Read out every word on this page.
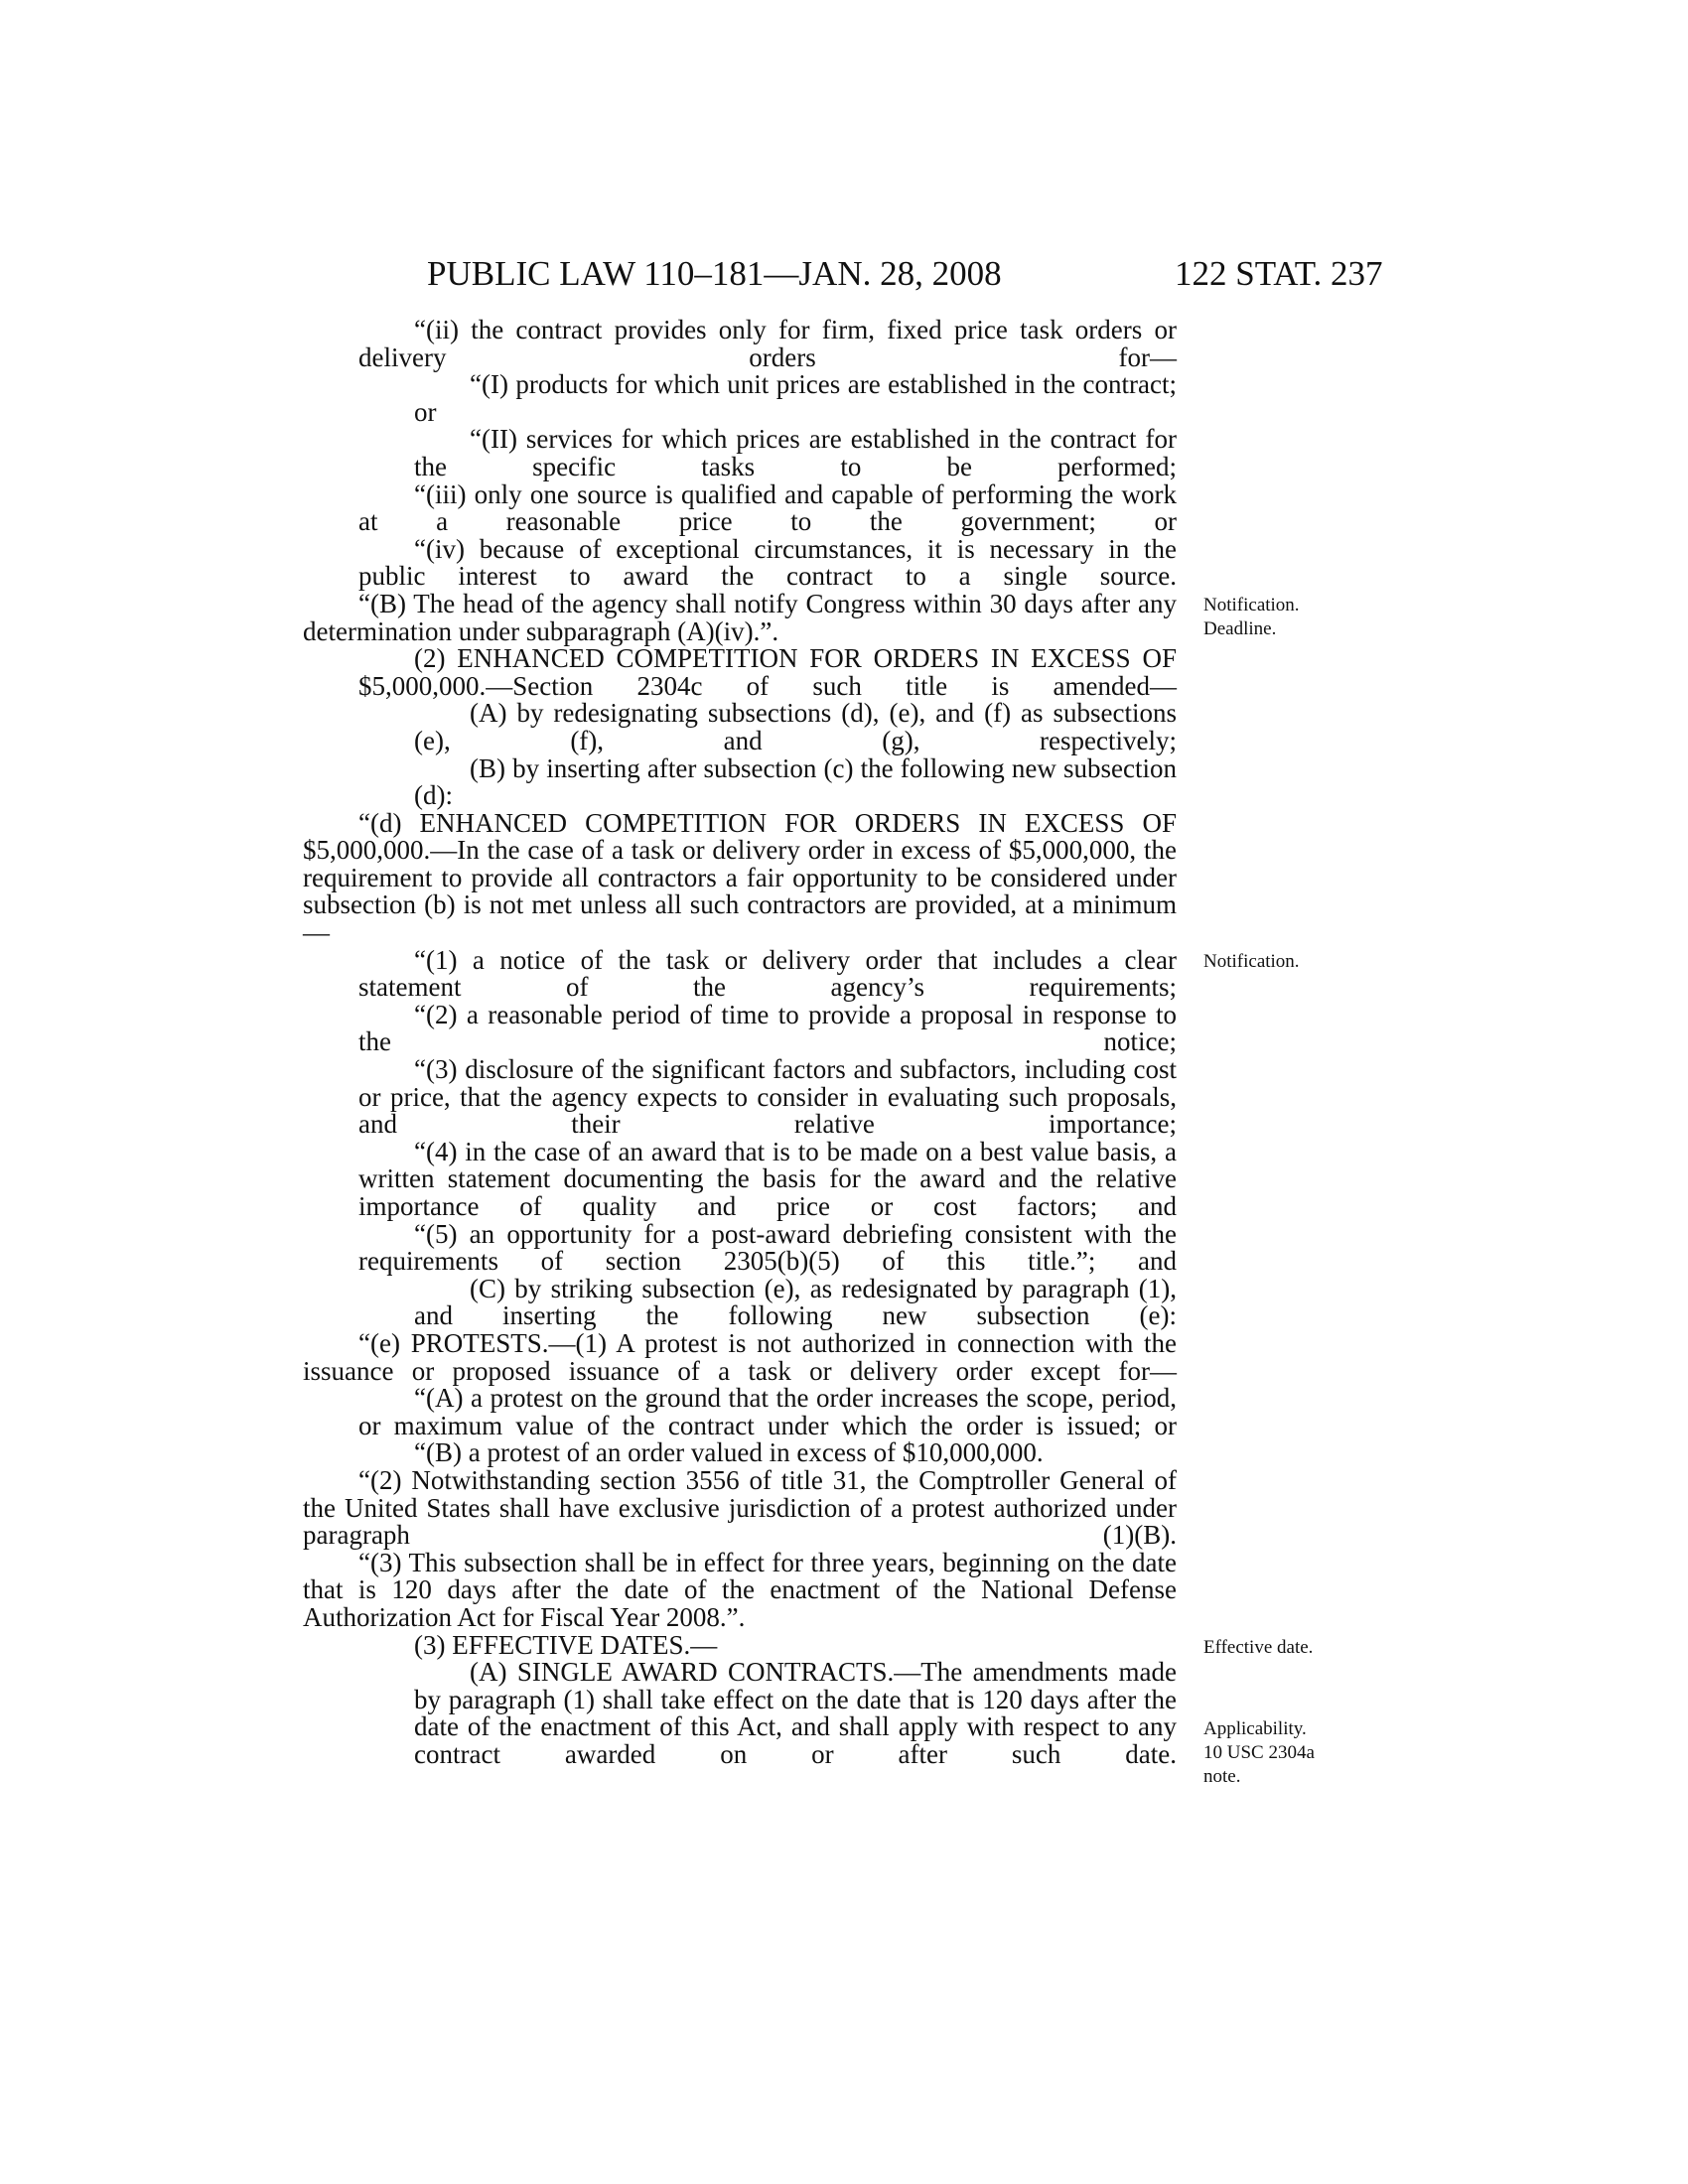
PUBLIC LAW 110–181—JAN. 28, 2008	122 STAT. 237

“(ii) the contract provides only for firm, fixed price task orders or delivery orders for—

“(I) products for which unit prices are established in the contract; or

“(II) services for which prices are established in the contract for the specific tasks to be performed;

“(iii) only one source is qualified and capable of performing the work at a reasonable price to the government; or

“(iv) because of exceptional circumstances, it is necessary in the public interest to award the contract to a single source.

“(B) The head of the agency shall notify Congress within 30 days after any determination under subparagraph (A)(iv).”.

(2) ENHANCED COMPETITION FOR ORDERS IN EXCESS OF $5,000,000.—Section 2304c of such title is amended—

(A) by redesignating subsections (d), (e), and (f) as subsections (e), (f), and (g), respectively;

(B) by inserting after subsection (c) the following new subsection (d):

“(d) ENHANCED COMPETITION FOR ORDERS IN EXCESS OF $5,000,000.—In the case of a task or delivery order in excess of $5,000,000, the requirement to provide all contractors a fair opportunity to be considered under subsection (b) is not met unless all such contractors are provided, at a minimum—

“(1) a notice of the task or delivery order that includes a clear statement of the agency’s requirements;

“(2) a reasonable period of time to provide a proposal in response to the notice;

“(3) disclosure of the significant factors and subfactors, including cost or price, that the agency expects to consider in evaluating such proposals, and their relative importance;

“(4) in the case of an award that is to be made on a best value basis, a written statement documenting the basis for the award and the relative importance of quality and price or cost factors; and

“(5) an opportunity for a post-award debriefing consistent with the requirements of section 2305(b)(5) of this title.”; and

(C) by striking subsection (e), as redesignated by paragraph (1), and inserting the following new subsection (e):

“(e) PROTESTS.—(1) A protest is not authorized in connection with the issuance or proposed issuance of a task or delivery order except for—

“(A) a protest on the ground that the order increases the scope, period, or maximum value of the contract under which the order is issued; or

“(B) a protest of an order valued in excess of $10,000,000.

“(2) Notwithstanding section 3556 of title 31, the Comptroller General of the United States shall have exclusive jurisdiction of a protest authorized under paragraph (1)(B).

“(3) This subsection shall be in effect for three years, beginning on the date that is 120 days after the date of the enactment of the National Defense Authorization Act for Fiscal Year 2008.”.

(3) EFFECTIVE DATES.—

(A) SINGLE AWARD CONTRACTS.—The amendments made by paragraph (1) shall take effect on the date that is 120 days after the date of the enactment of this Act, and shall apply with respect to any contract awarded on or after such date.

Notification.
Deadline.
Notification.
Effective date.
Applicability.
10 USC 2304a
note.
